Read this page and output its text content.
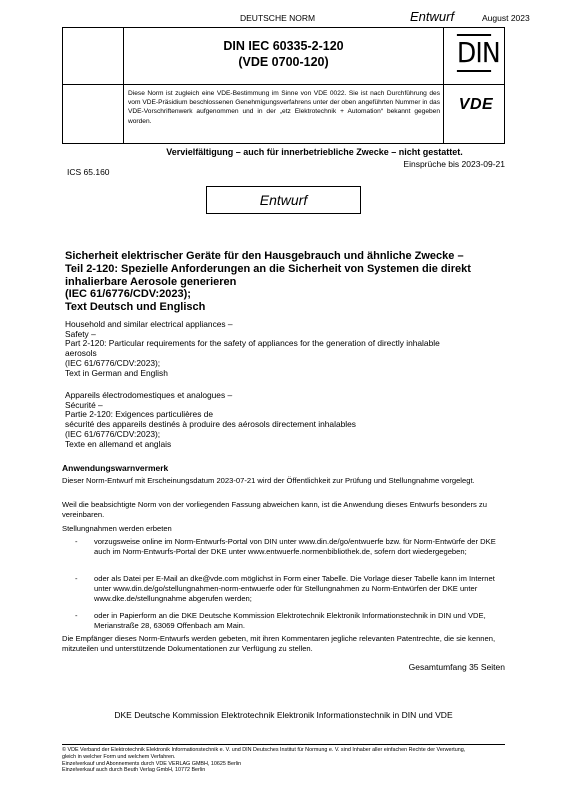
DEUTSCHE NORM	Entwurf	August 2023
DIN IEC 60335-2-120
(VDE 0700-120)
Diese Norm ist zugleich eine VDE-Bestimmung im Sinne von VDE 0022. Sie ist nach Durchführung des vom VDE-Präsidium beschlossenen Genehmigungsverfahrens unter der oben angeführten Nummer in das VDE-Vorschriftenwerk aufgenommen und in der „etz Elektrotechnik + Automation“ bekannt gegeben worden.
DIN
VDE
Vervielfältigung – auch für innerbetriebliche Zwecke – nicht gestattet.
Einsprüche bis 2023-09-21
ICS 65.160
Entwurf
Sicherheit elektrischer Geräte für den Hausgebrauch und ähnliche Zwecke –
Teil 2-120: Spezielle Anforderungen an die Sicherheit von Systemen die direkt
inhalierbare Aerosole generieren
(IEC 61/6776/CDV:2023);
Text Deutsch und Englisch
Household and similar electrical appliances –
Safety –
Part 2-120: Particular requirements for the safety of appliances for the generation of directly inhalable
aerosols
(IEC 61/6776/CDV:2023);
Text in German and English
Appareils électrodomestiques et analogues –
Sécurité –
Partie 2-120: Exigences particulières de
sécurité des appareils destinés à produire des aérosols directement inhalables
(IEC 61/6776/CDV:2023);
Texte en allemand et anglais
Anwendungswarnvermerk
Dieser Norm-Entwurf mit Erscheinungsdatum 2023-07-21 wird der Öffentlichkeit zur Prüfung und Stellungnahme vorgelegt.
Weil die beabsichtigte Norm von der vorliegenden Fassung abweichen kann, ist die Anwendung dieses Entwurfs besonders zu vereinbaren.
Stellungnahmen werden erbeten
- vorzugsweise online im Norm-Entwurfs-Portal von DIN unter www.din.de/go/entwuerfe bzw. für Norm-Entwürfe der DKE auch im Norm-Entwurfs-Portal der DKE unter www.entwuerfe.normenbibliothek.de, sofern dort wiedergegeben;
- oder als Datei per E-Mail an dke@vde.com möglichst in Form einer Tabelle. Die Vorlage dieser Tabelle kann im Internet unter www.din.de/go/stellungnahmen-norm-entwuerfe oder für Stellungnahmen zu Norm-Entwürfen der DKE unter www.dke.de/stellungnahme abgerufen werden;
- oder in Papierform an die DKE Deutsche Kommission Elektrotechnik Elektronik Informationstechnik in DIN und VDE, Merianstraße 28, 63069 Offenbach am Main.
Die Empfänger dieses Norm-Entwurfs werden gebeten, mit ihren Kommentaren jegliche relevanten Patentrechte, die sie kennen, mitzuteilen und unterstützende Dokumentationen zur Verfügung zu stellen.
Gesamtumfang 35 Seiten
DKE Deutsche Kommission Elektrotechnik Elektronik Informationstechnik in DIN und VDE
© VDE Verband der Elektrotechnik Elektronik Informationstechnik e. V. und DIN Deutsches Institut für Normung e. V. sind Inhaber aller einfachen Rechte der Verwertung,
gleich in welcher Form und welchem Verfahren.
Einzelverkauf und Abonnements durch VDE VERLAG GMBH, 10625 Berlin
Einzelverkauf auch durch Beuth Verlag GmbH, 10772 Berlin
